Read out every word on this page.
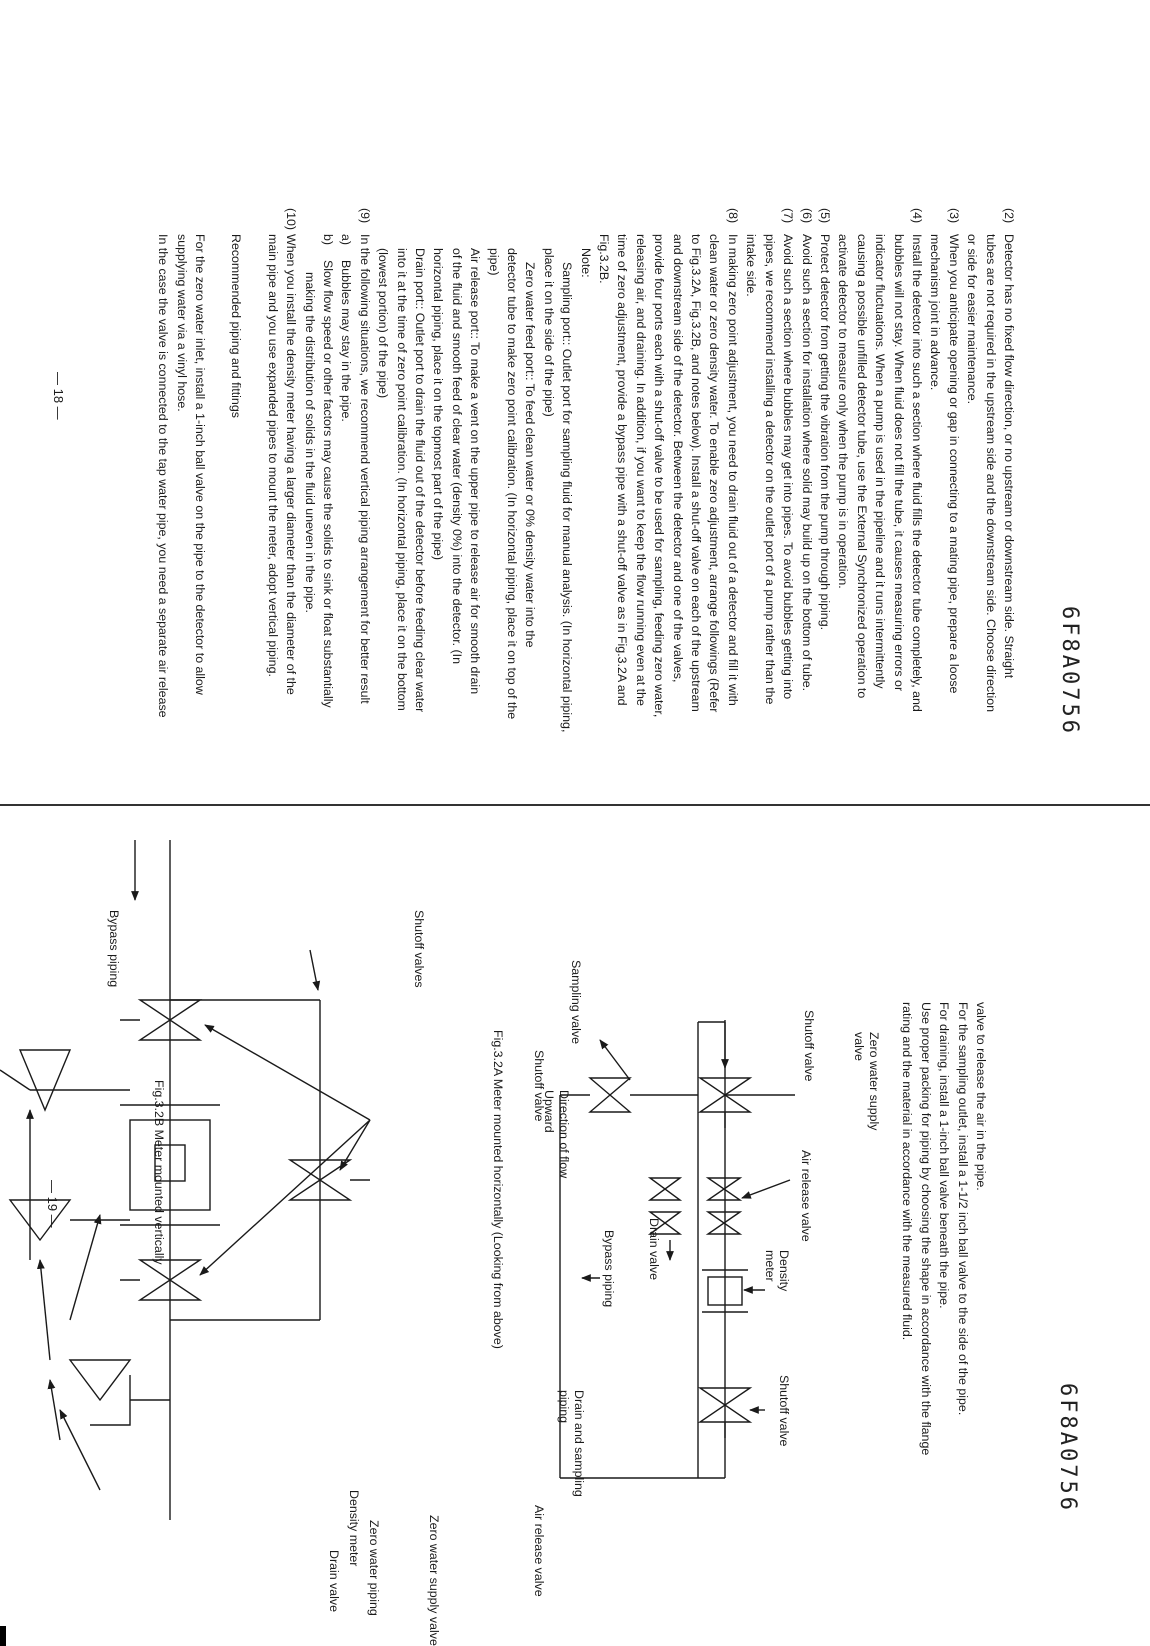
6F8A0756

(2)Detector has no fixed flow direction, or no upstream or downstream side. Straight

tubes are not required in the upstream side and the downstream side. Choose direction

or side for easier maintenance.

(3)When you anticipate opening or gap in connecting to a mating pipe, prepare a loose

mechanism joint in advance.

(4)Install the detector into such a section where fluid fills the detector tube completely, and

bubbles will not stay. When fluid does not fill the tube, it causes measuring errors or

indicator fluctuations. When a pump is used in the pipeline and it runs intermittently

causing a possible unfilled detector tube, use the External Synchronized operation to

activate detector to measure only when the pump is in operation.

(5)Protect detector from getting the vibration from the pump through piping.

(6)Avoid such a section for installation where solid may build up on the bottom of tube.

(7)Avoid such a section where bubbles may get into pipes. To avoid bubbles getting into

pipes, we recommend installing a detector on the outlet port of a pump rather than the

intake side.

(8)In making zero point adjustment, you need to drain fluid out of a detector and fill it with

clean water or zero density water. To enable zero adjustment, arrange followings (Refer

to Fig.3.2A, Fig.3.2B, and notes below). Install a shut-off valve on each of the upstream

and downstream side of the detector. Between the detector and one of the valves,

provide four ports each with a shut-off valve to be used for sampling, feeding zero water,

releasing air, and draining. In addition, if you want to keep the flow running even at the

time of zero adjustment, provide a bypass pipe with a shut-off valve as in Fig.3.2A and

Fig.3.2B.

Note:

Sampling port:: Outlet port for sampling fluid for manual analysis. (In horizontal piping,

place it on the side of the pipe)

Zero water feed port:: To feed clean water or 0% density water into the

detector tube to make zero point calibration. (In horizontal piping, place it on top of the

pipe)

Air release port:: To make a vent on the upper pipe to release air for smooth drain

of the fluid and smooth feed of clear water (density 0%) into the detector. (In

horizontal piping, place it on the topmost part of the pipe)

Drain port:: Outlet port to drain the fluid out of the detector before feeding clear water

into it at the time of zero point calibration. (In horizontal piping, place it on the bottom

(lowest portion) of the pipe)

(9)In the following situations, we recommend vertical piping arrangement for better result

a)Bubbles may stay in the pipe.

b)Slow flow speed or other factors may cause the solids to sink or float substantially

making the distribution of solids in the fluid uneven in the pipe.

(10)When you install the density meter having a larger diameter than the diameter of the

main pipe and you use expanded pipes to mount the meter, adopt vertical piping.

Recommended piping and fittings

For the zero water inlet, install a 1-inch ball valve on the pipe to the detector to allow

supplying water via a vinyl hose.

In the case the valve is connected to the tap water pipe, you need a separate air release

— 18 —
6F8A0756

valve to release the air in the pipe.

For the sampling outlet, install a 1-1/2 inch ball valve to the side of the pipe.

For draining, install a 1-inch ball valve beneath the pipe.

Use proper packing for piping by choosing the shape in accordance with the flange

rating and the material in accordance with the measured fluid.

Zero water supply
valve
Shutoff valve
Air release valve
Density
meter
Shutoff valve
Sampling valve
Drain valve
Shutoff valve
Bypass piping
Fig.3.2A Meter mounted horizontally (Looking from above)
Shutoff valves
Bypass piping
Direction of flow
Upward
Drain and sampling
piping
Air release valve
Zero water supply valve
Zero water piping
Density meter
Drain valve
Fig.3.2B Meter mounted vertically
— 19 —
